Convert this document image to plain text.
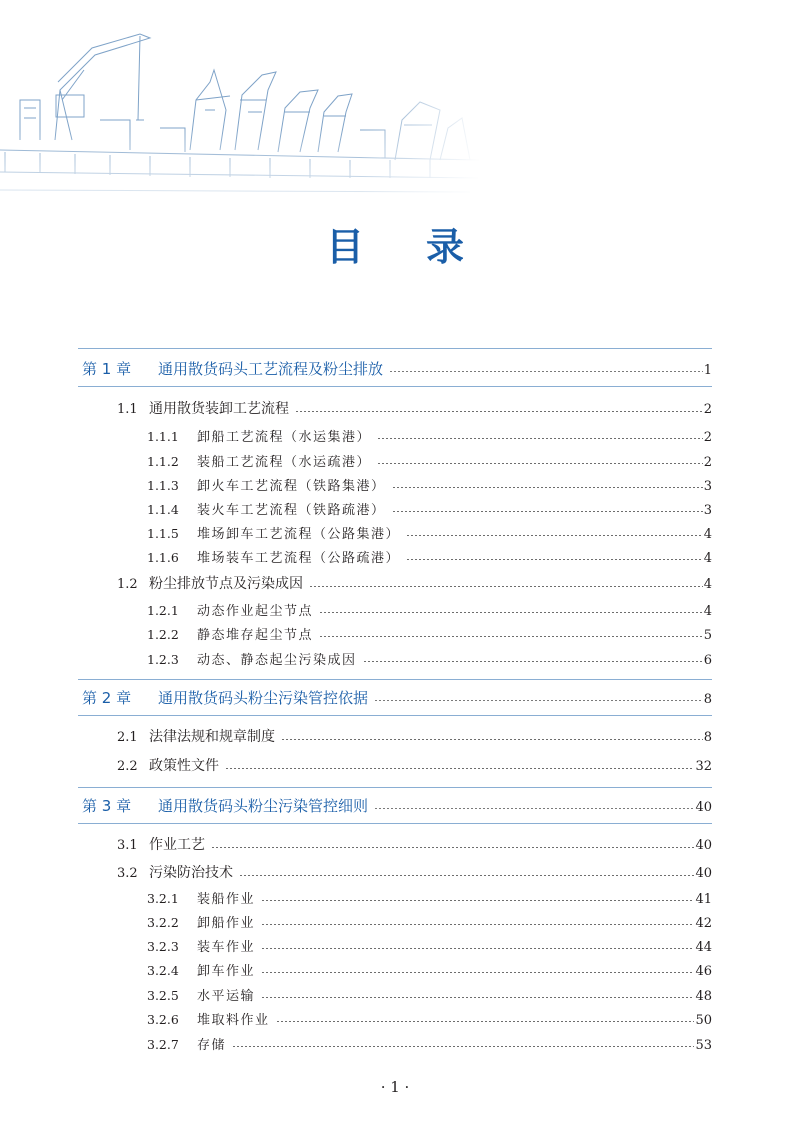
目 录
第 1 章	通用散货码头工艺流程及粉尘排放	1
1.1 通用散货装卸工艺流程	2
1.1.1	卸船工艺流程（水运集港）	2
1.1.2	装船工艺流程（水运疏港）	2
1.1.3	卸火车工艺流程（铁路集港）	3
1.1.4	装火车工艺流程（铁路疏港）	3
1.1.5	堆场卸车工艺流程（公路集港）	4
1.1.6	堆场装车工艺流程（公路疏港）	4
1.2 粉尘排放节点及污染成因	4
1.2.1	动态作业起尘节点	4
1.2.2	静态堆存起尘节点	5
1.2.3	动态、静态起尘污染成因	6
第 2 章	通用散货码头粉尘污染管控依据	8
2.1 法律法规和规章制度	8
2.2 政策性文件	32
第 3 章	通用散货码头粉尘污染管控细则	40
3.1 作业工艺	40
3.2 污染防治技术	40
3.2.1	装船作业	41
3.2.2	卸船作业	42
3.2.3	装车作业	44
3.2.4	卸车作业	46
3.2.5	水平运输	48
3.2.6	堆取料作业	50
3.2.7	存储	53
· 1 ·
